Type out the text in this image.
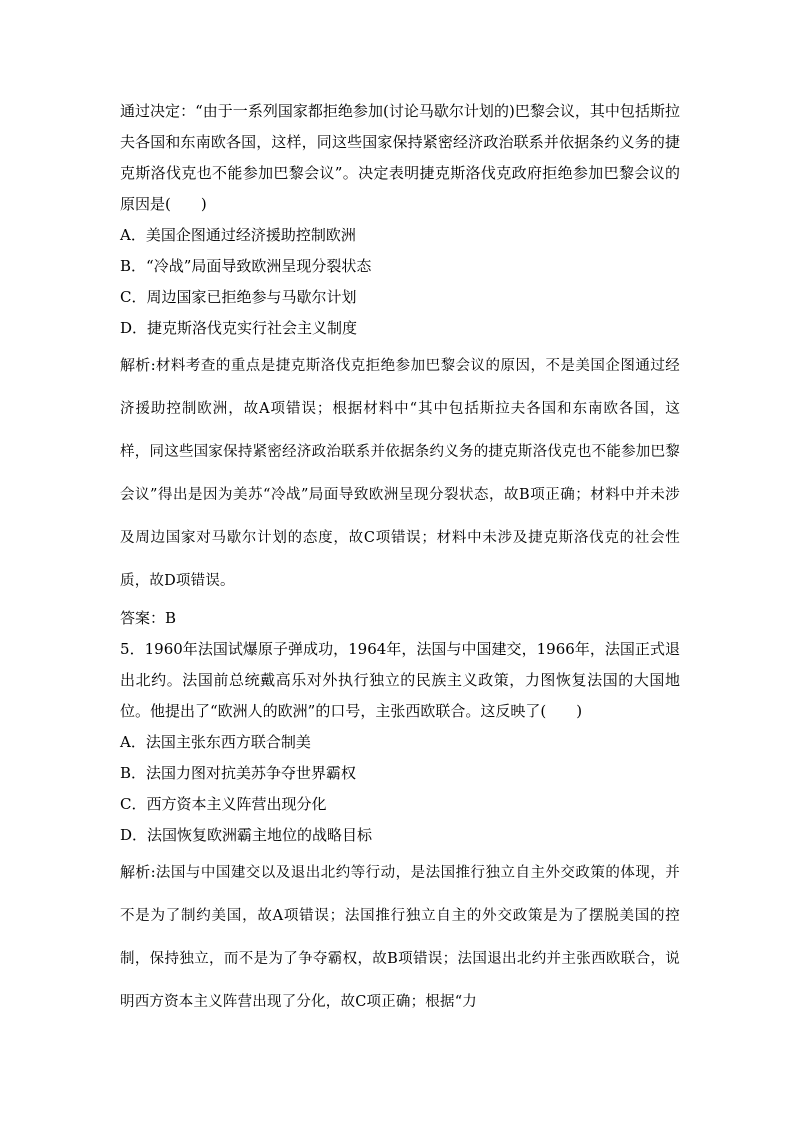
通过决定：“由于一系列国家都拒绝参加(讨论马歇尔计划的)巴黎会议，其中包括斯拉夫各国和东南欧各国，这样，同这些国家保持紧密经济政治联系并依据条约义务的捷克斯洛伐克也不能参加巴黎会议”。决定表明捷克斯洛伐克政府拒绝参加巴黎会议的原因是(　　)

A．美国企图通过经济援助控制欧洲

B．“冷战”局面导致欧洲呈现分裂状态

C．周边国家已拒绝参与马歇尔计划

D．捷克斯洛伐克实行社会主义制度

解析:材料考查的重点是捷克斯洛伐克拒绝参加巴黎会议的原因，不是美国企图通过经济援助控制欧洲，故A项错误；根据材料中“其中包括斯拉夫各国和东南欧各国，这样，同这些国家保持紧密经济政治联系并依据条约义务的捷克斯洛伐克也不能参加巴黎会议”得出是因为美苏“冷战”局面导致欧洲呈现分裂状态，故B项正确；材料中并未涉及周边国家对马歇尔计划的态度，故C项错误；材料中未涉及捷克斯洛伐克的社会性质，故D项错误。

答案：B

5．1960年法国试爆原子弹成功，1964年，法国与中国建交，1966年，法国正式退出北约。法国前总统戴高乐对外执行独立的民族主义政策，力图恢复法国的大国地位。他提出了“欧洲人的欧洲”的口号，主张西欧联合。这反映了(　　)

A．法国主张东西方联合制美

B．法国力图对抗美苏争夺世界霸权

C．西方资本主义阵营出现分化

D．法国恢复欧洲霸主地位的战略目标

解析:法国与中国建交以及退出北约等行动，是法国推行独立自主外交政策的体现，并不是为了制约美国，故A项错误；法国推行独立自主的外交政策是为了摆脱美国的控制，保持独立，而不是为了争夺霸权，故B项错误；法国退出北约并主张西欧联合，说明西方资本主义阵营出现了分化，故C项正确；根据“力
